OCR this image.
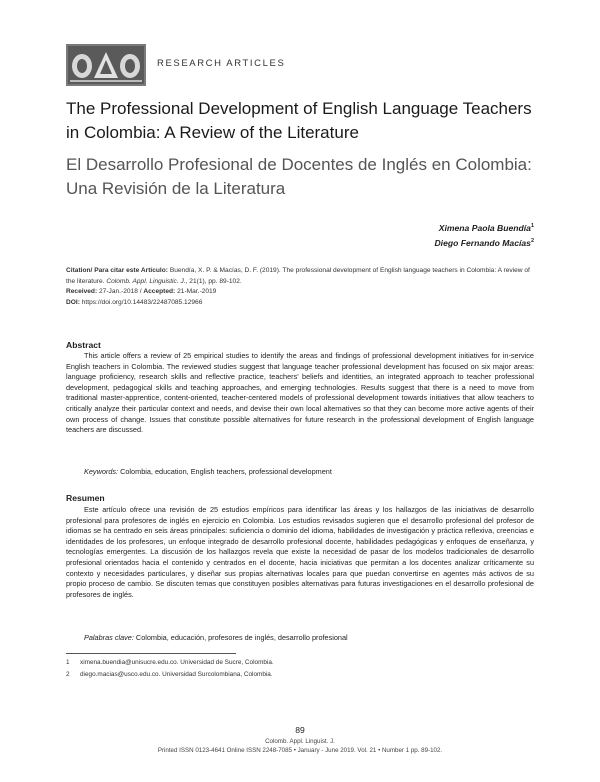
RESEARCH ARTICLES
The Professional Development of English Language Teachers in Colombia: A Review of the Literature
El Desarrollo Profesional de Docentes de Inglés en Colombia: Una Revisión de la Literatura
Ximena Paola Buendía$^1$
Diego Fernando Macías$^2$
Citation/ Para citar este Artículo: Buendía, X. P. & Macías, D. F. (2019). The professional development of English language teachers in Colombia: A review of the literature. Colomb. Appl. Linguistic. J., 21(1), pp. 89-102.
Received: 27-Jan.-2018 / Accepted: 21-Mar.-2019
DOI: https://doi.org/10.14483/22487085.12966
Abstract
This article offers a review of 25 empirical studies to identify the areas and findings of professional development initiatives for in-service English teachers in Colombia. The reviewed studies suggest that language teacher professional development has focused on six major areas: language proficiency, research skills and reflective practice, teachers' beliefs and identities, an integrated approach to teacher professional development, pedagogical skills and teaching approaches, and emerging technologies. Results suggest that there is a need to move from traditional master-apprentice, content-oriented, teacher-centered models of professional development towards initiatives that allow teachers to critically analyze their particular context and needs, and devise their own local alternatives so that they can become more active agents of their own process of change. Issues that constitute possible alternatives for future research in the professional development of English language teachers are discussed.
Keywords: Colombia, education, English teachers, professional development
Resumen
Este artículo ofrece una revisión de 25 estudios empíricos para identificar las áreas y los hallazgos de las iniciativas de desarrollo profesional para profesores de inglés en ejercicio en Colombia. Los estudios revisados sugieren que el desarrollo profesional del profesor de idiomas se ha centrado en seis áreas principales: suficiencia o dominio del idioma, habilidades de investigación y práctica reflexiva, creencias e identidades de los profesores, un enfoque integrado de desarrollo profesional docente, habilidades pedagógicas y enfoques de enseñanza, y tecnologías emergentes. La discusión de los hallazgos revela que existe la necesidad de pasar de los modelos tradicionales de desarrollo profesional orientados hacia el contenido y centrados en el docente, hacia iniciativas que permitan a los docentes analizar críticamente su contexto y necesidades particulares, y diseñar sus propias alternativas locales para que puedan convertirse en agentes más activos de su propio proceso de cambio. Se discuten temas que constituyen posibles alternativas para futuras investigaciones en el desarrollo profesional de profesores de inglés.
Palabras clave: Colombia, educación, profesores de inglés, desarrollo profesional
1 ximena.buendia@unisucre.edu.co. Universidad de Sucre, Colombia.
2 diego.macias@usco.edu.co. Universidad Surcolombiana, Colombia.
89
Colomb. Appl. Linguist. J.
Printed ISSN 0123-4641 Online ISSN 2248-7085 • January - June 2019. Vol. 21 • Number 1 pp. 89-102.
